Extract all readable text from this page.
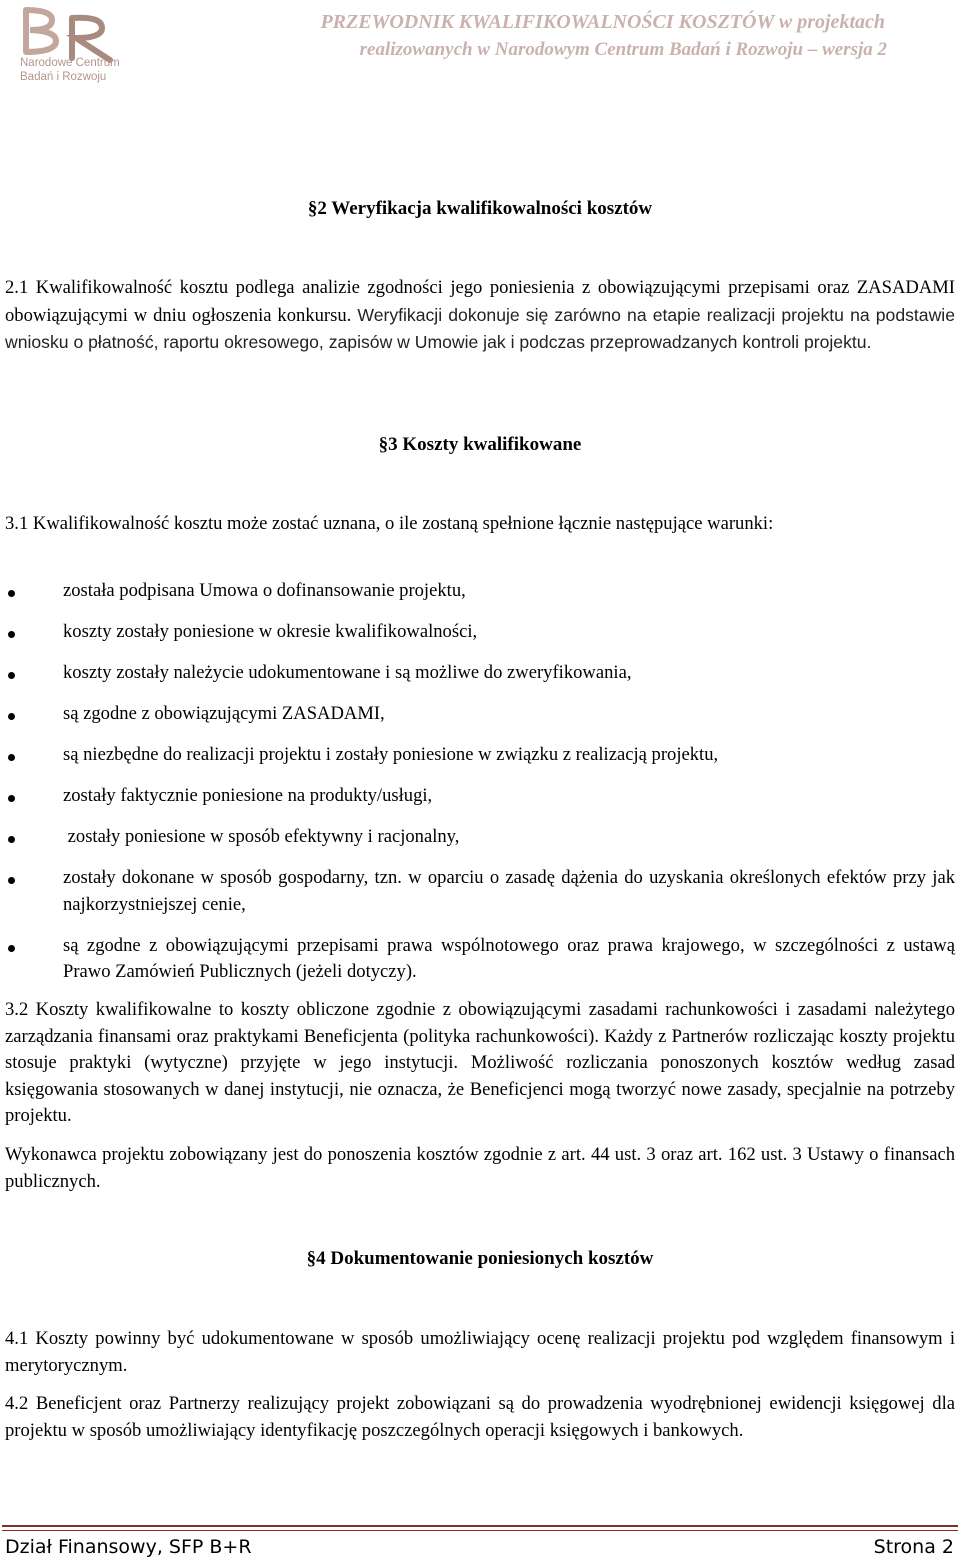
Narodowe Centrum
Badań i Rozwoju
PRZEWODNIK KWALIFIKOWALNOŚCI KOSZTÓW w projektach
realizowanych w Narodowym Centrum Badań i Rozwoju – wersja 2
§2 Weryfikacja kwalifikowalności kosztów
2.1 Kwalifikowalność kosztu podlega analizie zgodności jego poniesienia z obowiązującymi przepisami oraz ZASADAMI obowiązującymi w dniu ogłoszenia konkursu. Weryfikacji dokonuje się zarówno na etapie realizacji projektu na podstawie wniosku o płatność, raportu okresowego, zapisów w Umowie jak i podczas przeprowadzanych kontroli projektu.
§3 Koszty kwalifikowane
3.1 Kwalifikowalność kosztu może zostać uznana, o ile zostaną spełnione łącznie następujące warunki:
została podpisana Umowa o dofinansowanie projektu,
koszty zostały poniesione w okresie kwalifikowalności,
koszty zostały należycie udokumentowane i są możliwe do zweryfikowania,
są zgodne z obowiązującymi ZASADAMI,
są niezbędne do realizacji projektu i zostały poniesione w związku z realizacją projektu,
zostały faktycznie poniesione na produkty/usługi,
zostały poniesione w sposób efektywny i racjonalny,
zostały dokonane w sposób gospodarny, tzn. w oparciu o zasadę dążenia do uzyskania określonych efektów przy jak najkorzystniejszej cenie,
są zgodne z obowiązującymi przepisami prawa wspólnotowego oraz prawa krajowego, w szczególności z ustawą Prawo Zamówień Publicznych (jeżeli dotyczy).
3.2 Koszty kwalifikowalne to koszty obliczone zgodnie z obowiązującymi zasadami rachunkowości i zasadami należytego zarządzania finansami oraz praktykami Beneficjenta (polityka rachunkowości). Każdy z Partnerów rozliczając koszty projektu stosuje praktyki (wytyczne) przyjęte w jego instytucji. Możliwość rozliczania ponoszonych kosztów według zasad księgowania stosowanych w danej instytucji, nie oznacza, że Beneficjenci mogą tworzyć nowe zasady, specjalnie na potrzeby projektu.
Wykonawca projektu zobowiązany jest do ponoszenia kosztów zgodnie z art. 44 ust. 3 oraz art. 162 ust. 3 Ustawy o finansach publicznych.
§4 Dokumentowanie poniesionych kosztów
4.1 Koszty powinny być udokumentowane w sposób umożliwiający ocenę realizacji projektu pod względem finansowym i merytorycznym.
4.2 Beneficjent oraz Partnerzy realizujący projekt zobowiązani są do prowadzenia wyodrębnionej ewidencji księgowej dla projektu w sposób umożliwiający identyfikację poszczególnych operacji księgowych i bankowych.
Dział Finansowy, SFP B+R	Strona 2
